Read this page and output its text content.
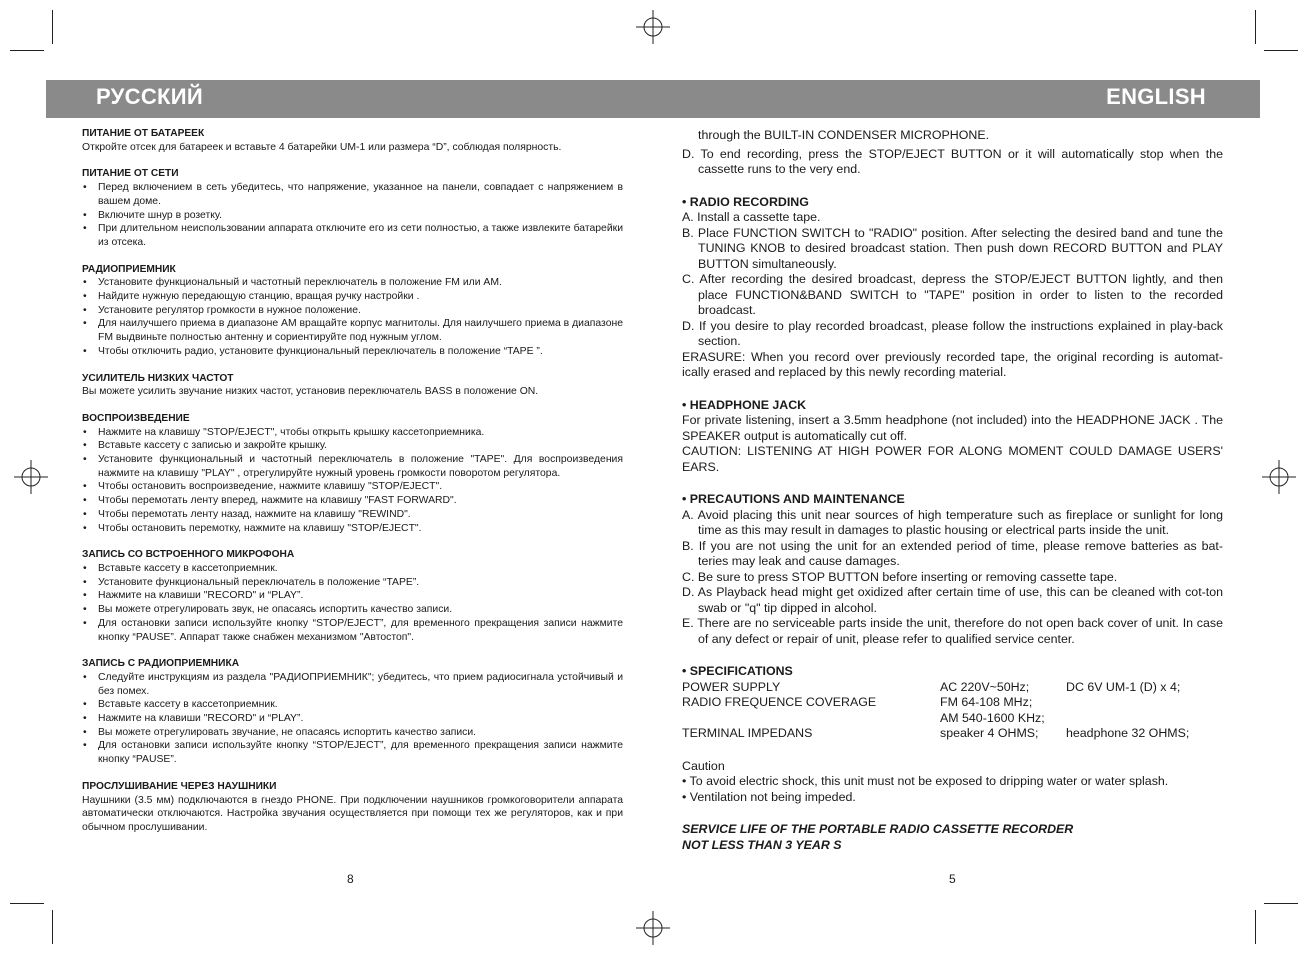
РУССКИЙ	ENGLISH
ПИТАНИЕ ОТ БАТАРЕЕК

Откройте отсек для батареек и вставьте 4 батарейки UM-1 или размера “D”, соблюдая полярность.

ПИТАНИЕ ОТ СЕТИ
• Перед включением в сеть убедитесь, что напряжение, указанное на панели, совпадает с напряжением в вашем доме.
• Включите шнур в розетку.
• При длительном неиспользовании аппарата отключите его из сети полностью, а также извлеките батарейки из отсека.
РАДИОПРИЕМНИК
• Установите функциональный и частотный переключатель в положение FM или AM.
• Найдите нужную передающую станцию, вращая ручку настройки .
• Установите регулятор громкости в нужное положение.
• Для наилучшего приема в диапазоне АМ вращайте корпус магнитолы. Для наилучшего приема в диапазоне FM выдвиньте полностью антенну и сориентируйте под нужным углом.
• Чтобы отключить радио, установите функциональный переключатель в положение “TAPE ”.
УСИЛИТЕЛЬ НИЗКИХ ЧАСТОТ

Вы можете усилить звучание низких частот, установив переключатель BASS в положение ON.

ВОСПРОИЗВЕДЕНИЕ
• Нажмите на клавишу "STOP/EJECT", чтобы открыть крышку кассетоприемника.
• Вставьте кассету с записью и закройте крышку.
• Установите функциональный и частотный переключатель в положение "TAPE". Для воспроизведения нажмите на клавишу "PLAY" , отрегулируйте нужный уровень громкости поворотом регулятора.
• Чтобы остановить воспроизведение, нажмите клавишу "STOP/EJECT".
• Чтобы перемотать ленту вперед, нажмите на клавишу "FAST FORWARD".
• Чтобы перемотать ленту назад, нажмите на клавишу "REWIND".
• Чтобы остановить перемотку, нажмите на клавишу "STOP/EJECT".
ЗАПИСЬ СО ВСТРОЕННОГО МИКРОФОНА
• Вставьте кассету в кассетоприемник.
• Установите функциональный переключатель в положение “TAPE”.
• Нажмите на клавиши "RECORD" и “PLAY”.
• Вы можете отрегулировать звук, не опасаясь испортить качество записи.
• Для остановки записи используйте кнопку “STOP/EJECT”, для временного прекращения записи нажмите кнопку “PAUSE”. Аппарат также снабжен механизмом "Автостоп".
ЗАПИСЬ С РАДИОПРИЕМНИКА
• Следуйте инструкциям из раздела "РАДИОПРИЕМНИК"; убедитесь, что прием радиосигнала устойчивый и без помех.
• Вставьте кассету в кассетоприемник.
• Нажмите на клавиши "RECORD" и “PLAY”.
• Вы можете отрегулировать звучание, не опасаясь испортить качество записи.
• Для остановки записи используйте кнопку “STOP/EJECT”, для временного прекращения записи нажмите кнопку “PAUSE”.
ПРОСЛУШИВАНИЕ ЧЕРЕЗ НАУШНИКИ

Наушники (3.5 мм) подключаются в гнездо PHONE. При подключении наушников громкоговорители аппарата автоматически отключаются. Настройка звучания осуществляется при помощи тех же регуляторов, как и при обычном прослушивании.

through the BUILT-IN CONDENSER MICROPHONE.
D. To end recording, press the STOP/EJECT BUTTON or it will automatically stop when the cassette runs to the very end.
• RADIO RECORDING
A. Install a cassette tape.
B. Place FUNCTION SWITCH to "RADIO" position. After selecting the desired band and tune the TUNING KNOB to desired broadcast station. Then push down RECORD BUTTON and PLAY BUTTON simultaneously.
C. After recording the desired broadcast, depress the STOP/EJECT BUTTON lightly, and then place FUNCTION&BAND SWITCH to "TAPE" position in order to listen to the recorded broadcast.
D. If you desire to play recorded broadcast, please follow the instructions explained in play-back section.

ERASURE: When you record over previously recorded tape, the original recording is automat-ically erased and replaced by this newly recording material.

• HEADPHONE JACK

For private listening, insert a 3.5mm headphone (not included) into the HEADPHONE JACK . The SPEAKER output is automatically cut off.

CAUTION: LISTENING AT HIGH POWER FOR ALONG MOMENT COULD DAMAGE USERS' EARS.

• PRECAUTIONS AND MAINTENANCE
A. Avoid placing this unit near sources of high temperature such as fireplace or sunlight for long time as this may result in damages to plastic housing or electrical parts inside the unit.
B. If you are not using the unit for an extended period of time, please remove batteries as bat-teries may leak and cause damages.
C. Be sure to press STOP BUTTON before inserting or removing cassette tape.
D. As Playback head might get oxidized after certain time of use, this can be cleaned with cot-ton swab or "q" tip dipped in alcohol.
E. There are no serviceable parts inside the unit, therefore do not open back cover of unit. In case of any defect or repair of unit, please refer to qualified service center.
• SPECIFICATIONS
POWER SUPPLY	AC 220V~50Hz;	DC 6V UM-1 (D) x 4;
RADIO FREQUENCE COVERAGE	FM 64-108 MHz;
AM 540-1600 KHz;
TERMINAL IMPEDANS	speaker 4 OHMS;	headphone 32 OHMS;

Caution

• To avoid electric shock, this unit must not be exposed to dripping water or water splash.
• Ventilation not being impeded.
SERVICE LIFE OF THE PORTABLE RADIO CASSETTE RECORDER
NOT LESS THAN 3 YEAR S
8	5
